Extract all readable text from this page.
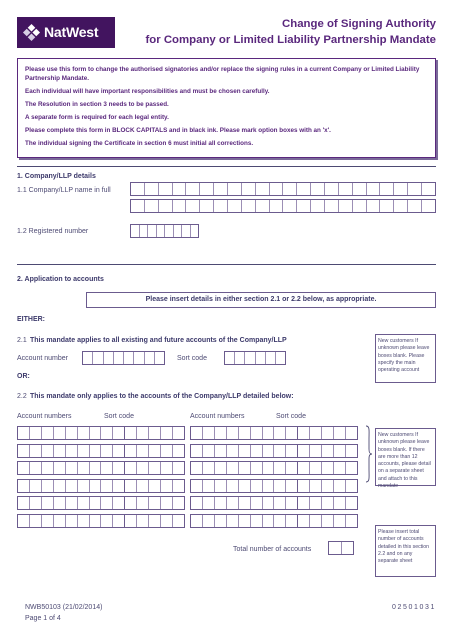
NatWest	Change of Signing Authority
for Company or Limited Liability Partnership Mandate

Please use this form to change the authorised signatories and/or replace the signing rules in a current Company or Limited Liability Partnership Mandate.

Each individual will have important responsibilities and must be chosen carefully.

The Resolution in section 3 needs to be passed.

A separate form is required for each legal entity.

Please complete this form in BLOCK CAPITALS and in black ink. Please mark option boxes with an 'x'.

The individual signing the Certificate in section 6 must initial all corrections.

1. Company/LLP details
1.1 Company/LLP name in full
1.2 Registered number
2. Application to accounts
Please insert details in either section 2.1 or 2.2 below, as appropriate.
EITHER:
2.1 This mandate applies to all existing and future accounts of the Company/LLP
Account number	Sort code
New customers If unknown please leave boxes blank. Please specify the main operating account
OR:
2.2 This mandate only applies to the accounts of the Company/LLP detailed below:
Account numbers	Sort code	Account numbers	Sort code
New customers If unknown please leave boxes blank. If there are more than 12 accounts, please detail on a separate sheet and attach to this mandate
Total number of accounts
Please insert total number of accounts detailed in this section 2.2 and on any separate sheet
NWB50103 (21/02/2014)
Page 1 of 4
02501031
